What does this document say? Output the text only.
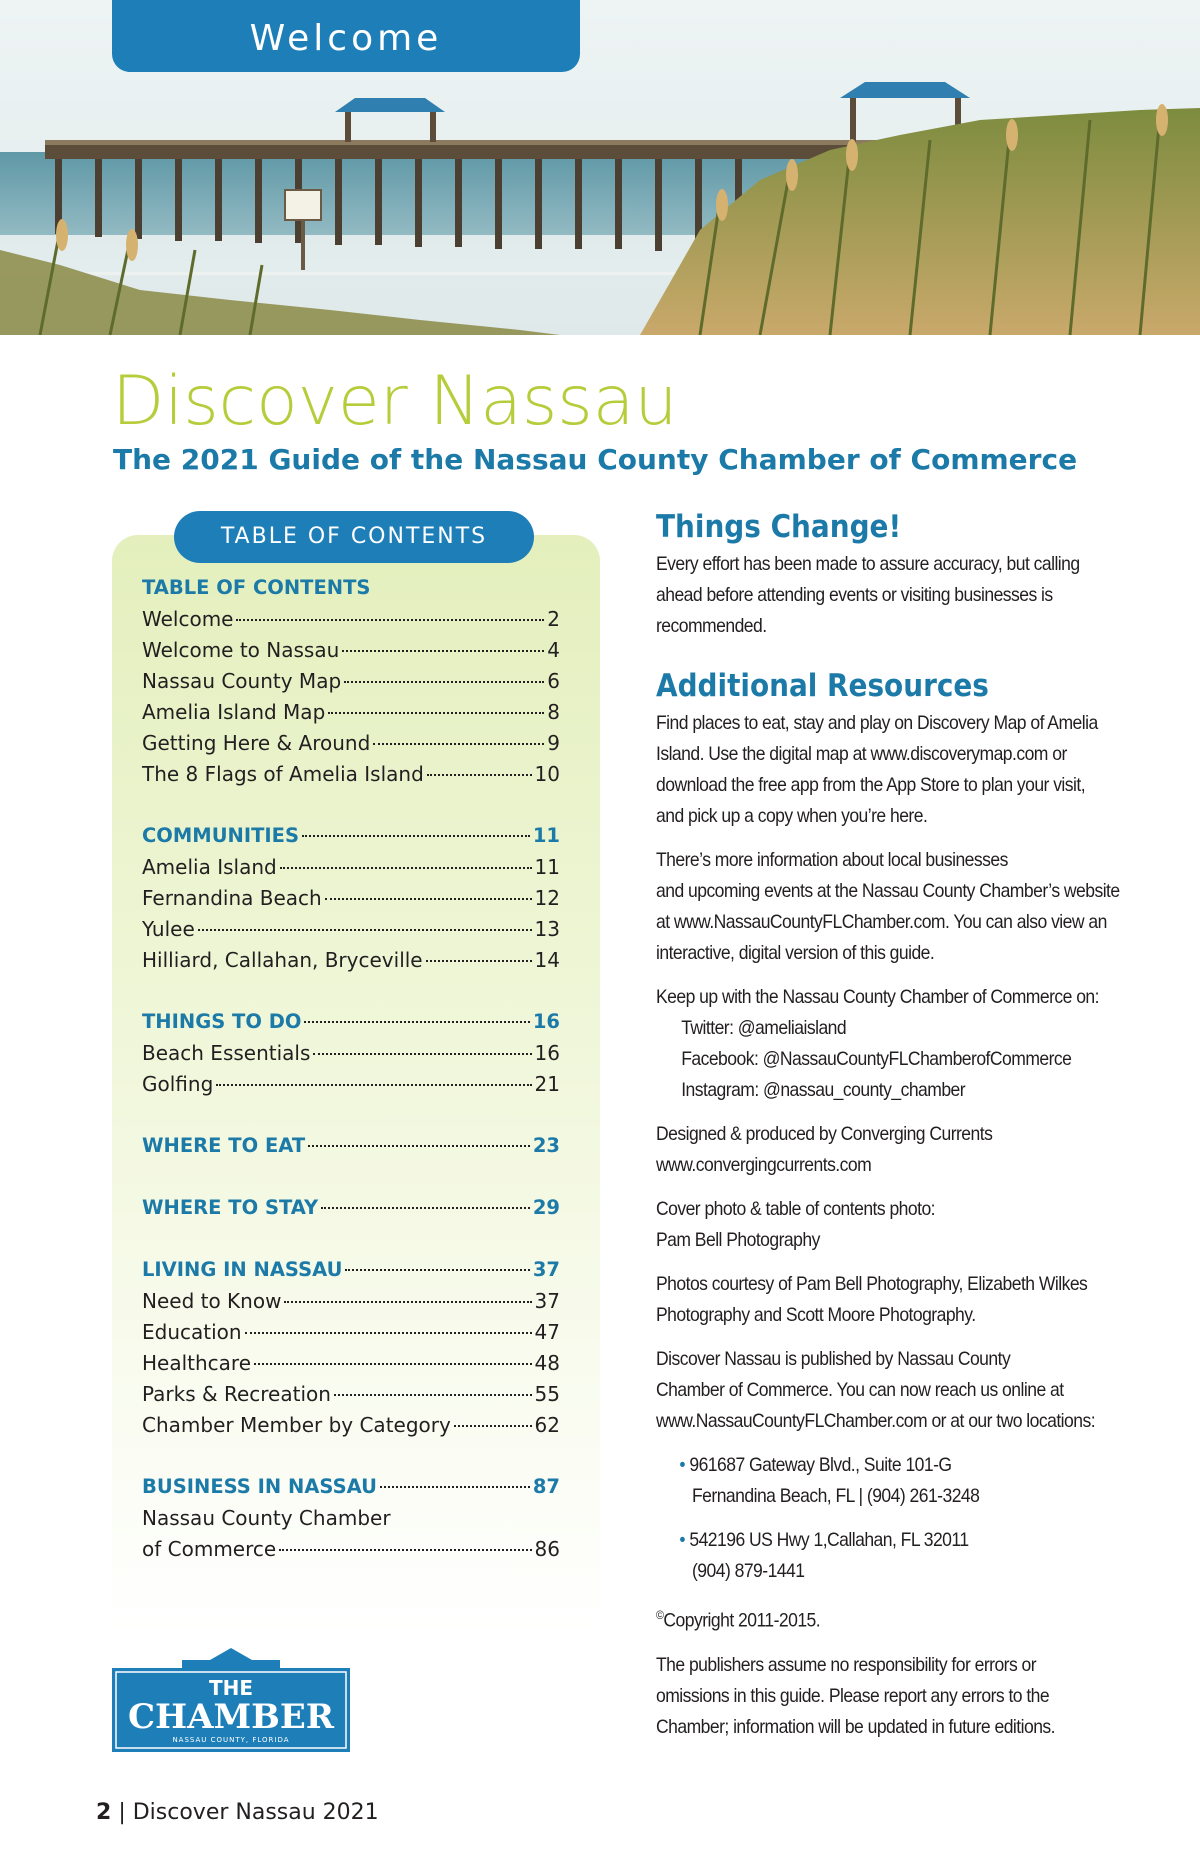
Welcome
Discover Nassau
The 2021 Guide of the Nassau County Chamber of Commerce
TABLE OF CONTENTS
TABLE OF CONTENTS
Welcome	2
Welcome to Nassau	4
Nassau County Map	6
Amelia Island Map	8
Getting Here & Around	9
The 8 Flags of Amelia Island	10
COMMUNITIES	11
Amelia Island	11
Fernandina Beach	12
Yulee	13
Hilliard, Callahan, Bryceville	14
THINGS TO DO	16
Beach Essentials	16
Golfing	21
WHERE TO EAT	23
WHERE TO STAY	29
LIVING IN NASSAU	37
Need to Know	37
Education	47
Healthcare	48
Parks & Recreation	55
Chamber Member by Category	62
BUSINESS IN NASSAU	87
Nassau County Chamber
of Commerce	86
Things Change!

Every effort has been made to assure accuracy, but calling

ahead before attending events or visiting businesses is

recommended.

Additional Resources

Find places to eat, stay and play on Discovery Map of Amelia

Island. Use the digital map at www.discoverymap.com or

download the free app from the App Store to plan your visit,

and pick up a copy when you’re here.

There’s more information about local businesses

and upcoming events at the Nassau County Chamber’s website

at www.NassauCountyFLChamber.com. You can also view an

interactive, digital version of this guide.

Keep up with the Nassau County Chamber of Commerce on:

Twitter: @ameliaisland

Facebook: @NassauCountyFLChamberofCommerce

Instagram: @nassau_county_chamber

Designed & produced by Converging Currents

www.convergingcurrents.com

Cover photo & table of contents photo:

Pam Bell Photography

Photos courtesy of Pam Bell Photography, Elizabeth Wilkes

Photography and Scott Moore Photography.

Discover Nassau is published by Nassau County

Chamber of Commerce. You can now reach us online at

www.NassauCountyFLChamber.com or at our two locations:

• 961687 Gateway Blvd., Suite 101-G

Fernandina Beach, FL | (904) 261-3248

• 542196 US Hwy 1,Callahan, FL 32011

(904) 879-1441

©Copyright 2011-2015.

The publishers assume no responsibility for errors or

omissions in this guide. Please report any errors to the

Chamber; information will be updated in future editions.

THE
CHAMBER
NASSAU COUNTY, FLORIDA
2 | Discover Nassau 2021
